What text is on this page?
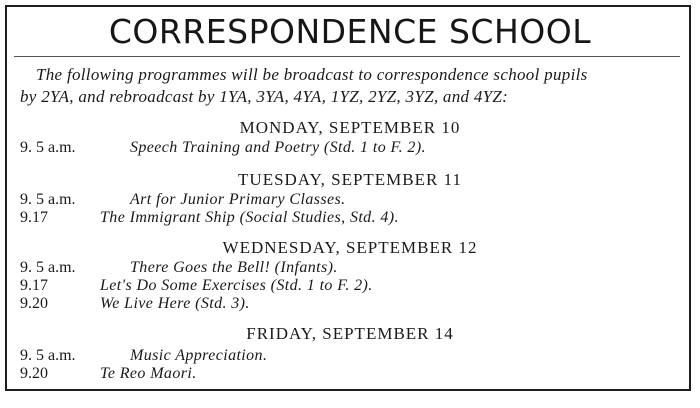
CORRESPONDENCE SCHOOL
The following programmes will be broadcast to correspondence school pupils
by 2YA, and rebroadcast by 1YA, 3YA, 4YA, 1YZ, 2YZ, 3YZ, and 4YZ:
MONDAY, SEPTEMBER 10
9. 5 a.m.	Speech Training and Poetry (Std. 1 to F. 2).
TUESDAY, SEPTEMBER 11
9. 5 a.m.	Art for Junior Primary Classes.
9.17	The Immigrant Ship (Social Studies, Std. 4).
WEDNESDAY, SEPTEMBER 12
9. 5 a.m.	There Goes the Bell! (Infants).
9.17	Let's Do Some Exercises (Std. 1 to F. 2).
9.20	We Live Here (Std. 3).
FRIDAY, SEPTEMBER 14
9. 5 a.m.	Music Appreciation.
9.20	Te Reo Maori.
